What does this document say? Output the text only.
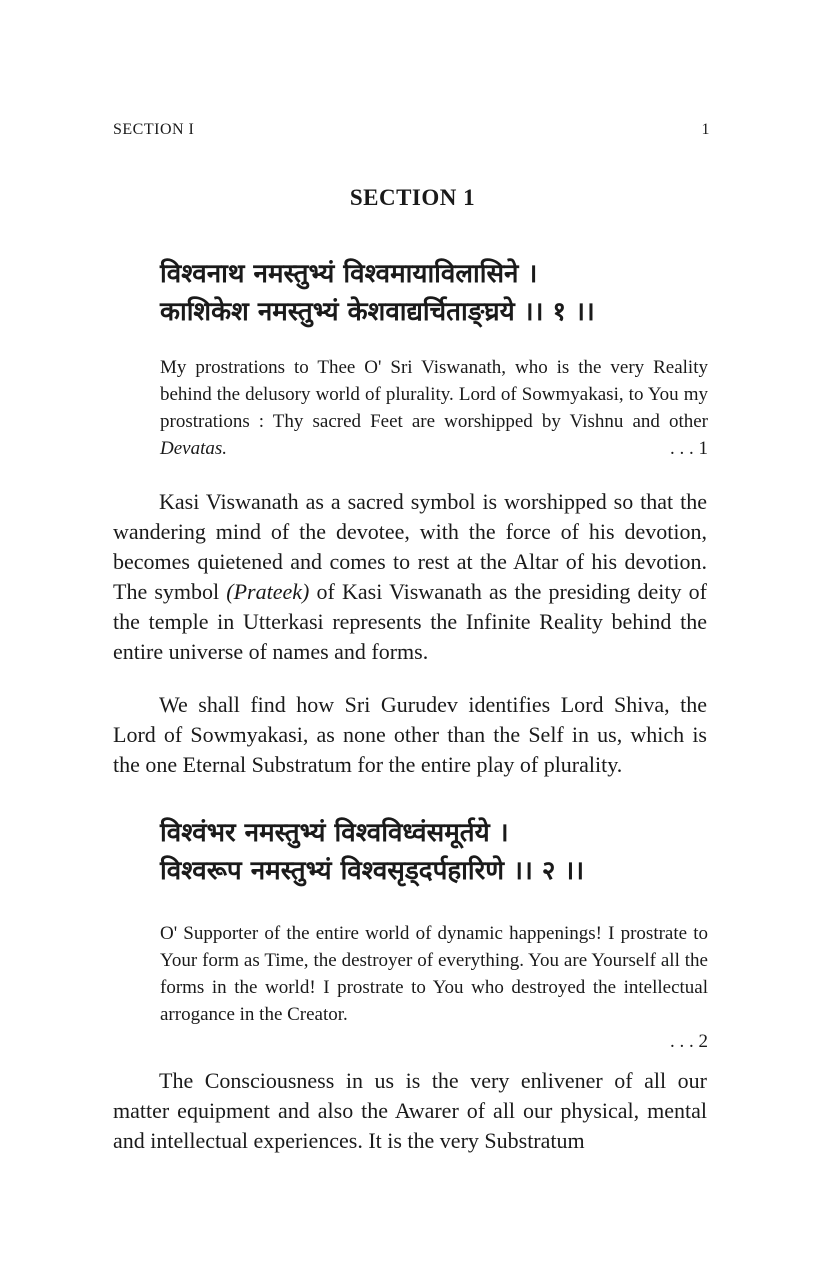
SECTION I	1
SECTION 1
विश्वनाथ नमस्तुभ्यं विश्वमायाविलासिने ।
काशिकेश नमस्तुभ्यं केशवाद्यर्चिताङ्घ्रये ।। १ ।।

My prostrations to Thee O' Sri Viswanath, who is the very Reality behind the delusory world of plurality. Lord of Sowmyakasi, to You my prostrations : Thy sacred Feet are worshipped by Vishnu and other Devatas.	. . . 1

Kasi Viswanath as a sacred symbol is worshipped so that the wandering mind of the devotee, with the force of his devotion, becomes quietened and comes to rest at the Altar of his devotion. The symbol (Prateek) of Kasi Viswanath as the presiding deity of the temple in Utterkasi represents the Infinite Reality behind the entire universe of names and forms.

We shall find how Sri Gurudev identifies Lord Shiva, the Lord of Sowmyakasi, as none other than the Self in us, which is the one Eternal Substratum for the entire play of plurality.

विश्वंभर नमस्तुभ्यं विश्वविध्वंसमूर्तये ।
विश्वरूप नमस्तुभ्यं विश्वसृड्दर्पहारिणे ।। २ ।।

O' Supporter of the entire world of dynamic happenings! I prostrate to Your form as Time, the destroyer of everything. You are Yourself all the forms in the world! I prostrate to You who destroyed the intellectual arrogance in the Creator.

. . . 2

The Consciousness in us is the very enlivener of all our matter equipment and also the Awarer of all our physical, mental and intellectual experiences. It is the very Substratum
